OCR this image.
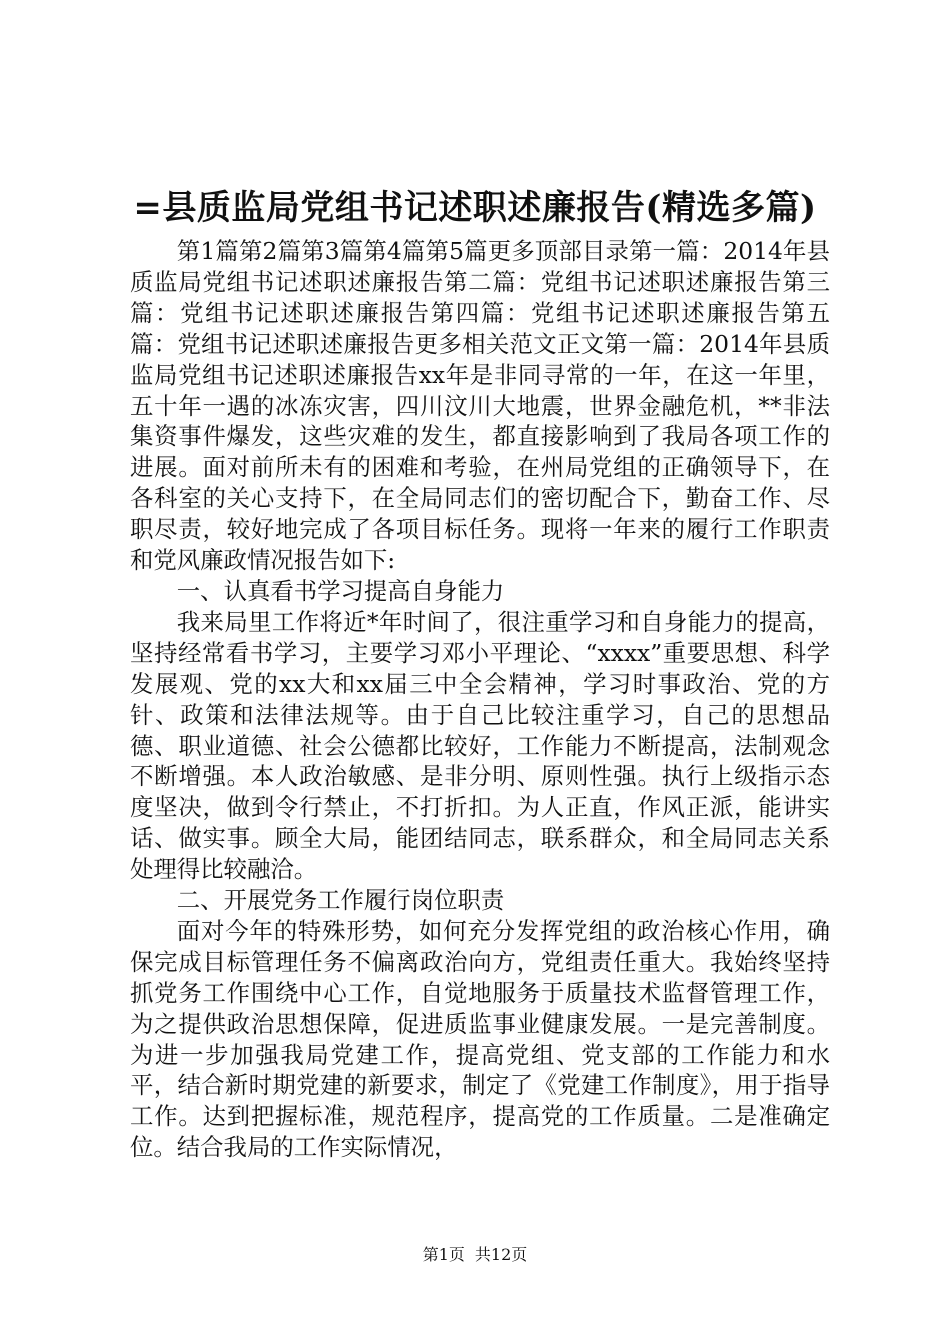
=县质监局党组书记述职述廉报告(精选多篇)

第1篇第2篇第3篇第4篇第5篇更多顶部目录第一篇：2014年县质监局党组书记述职述廉报告第二篇：党组书记述职述廉报告第三篇：党组书记述职述廉报告第四篇：党组书记述职述廉报告第五篇：党组书记述职述廉报告更多相关范文正文第一篇：2014年县质监局党组书记述职述廉报告xx年是非同寻常的一年，在这一年里，五十年一遇的冰冻灾害，四川汶川大地震，世界金融危机，**非法集资事件爆发，这些灾难的发生，都直接影响到了我局各项工作的进展。面对前所未有的困难和考验，在州局党组的正确领导下，在各科室的关心支持下，在全局同志们的密切配合下，勤奋工作、尽职尽责，较好地完成了各项目标任务。现将一年来的履行工作职责和党风廉政情况报告如下:

一、认真看书学习提高自身能力

我来局里工作将近*年时间了，很注重学习和自身能力的提高，坚持经常看书学习，主要学习邓小平理论、“xxxx”重要思想、科学发展观、党的xx大和xx届三中全会精神，学习时事政治、党的方针、政策和法律法规等。由于自己比较注重学习，自己的思想品德、职业道德、社会公德都比较好，工作能力不断提高，法制观念不断增强。本人政治敏感、是非分明、原则性强。执行上级指示态度坚决，做到令行禁止，不打折扣。为人正直，作风正派，能讲实话、做实事。顾全大局，能团结同志，联系群众，和全局同志关系处理得比较融洽。

二、开展党务工作履行岗位职责

面对今年的特殊形势，如何充分发挥党组的政治核心作用，确保完成目标管理任务不偏离政治向方，党组责任重大。我始终坚持抓党务工作围绕中心工作，自觉地服务于质量技术监督管理工作，为之提供政治思想保障，促进质监事业健康发展。一是完善制度。为进一步加强我局党建工作，提高党组、党支部的工作能力和水平，结合新时期党建的新要求，制定了《党建工作制度》，用于指导工作。达到把握标准，规范程序，提高党的工作质量。二是准确定位。结合我局的工作实际情况，

第1页 共12页
